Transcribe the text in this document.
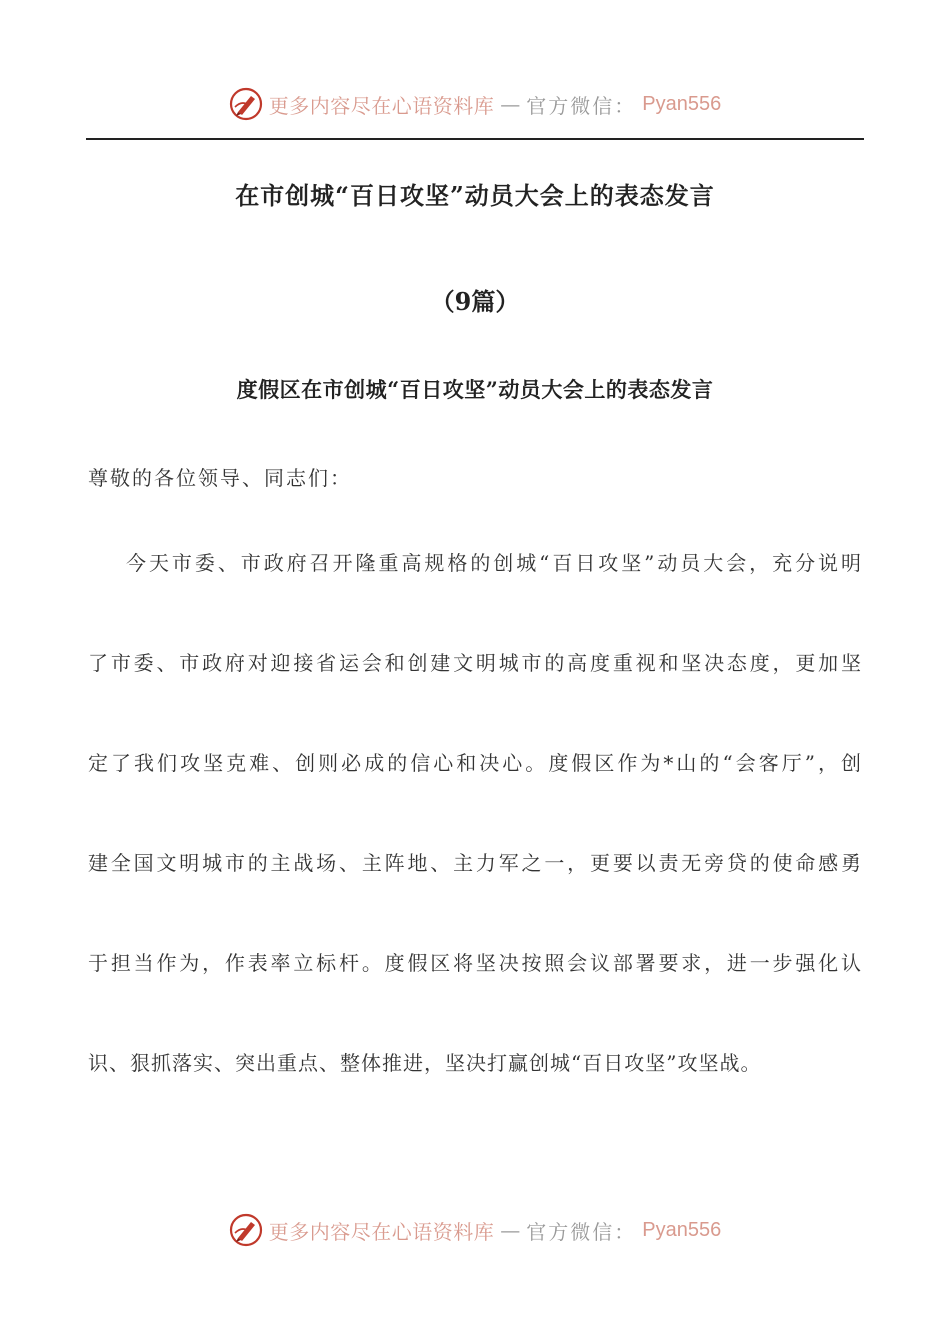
更多内容尽在心语资料库 — 官方微信： Pyan556
在市创城“百日攻坚”动员大会上的表态发言
（9篇）
度假区在市创城“百日攻坚”动员大会上的表态发言
尊敬的各位领导、同志们：
今天市委、市政府召开隆重高规格的创城“百日攻坚”动员大会，充分说明
了市委、市政府对迎接省运会和创建文明城市的高度重视和坚决态度，更加坚
定了我们攻坚克难、创则必成的信心和决心。度假区作为*山的“会客厅”，创
建全国文明城市的主战场、主阵地、主力军之一，更要以责无旁贷的使命感勇
于担当作为，作表率立标杆。度假区将坚决按照会议部署要求，进一步强化认
识、狠抓落实、突出重点、整体推进，坚决打赢创城“百日攻坚”攻坚战。
更多内容尽在心语资料库 — 官方微信： Pyan556
